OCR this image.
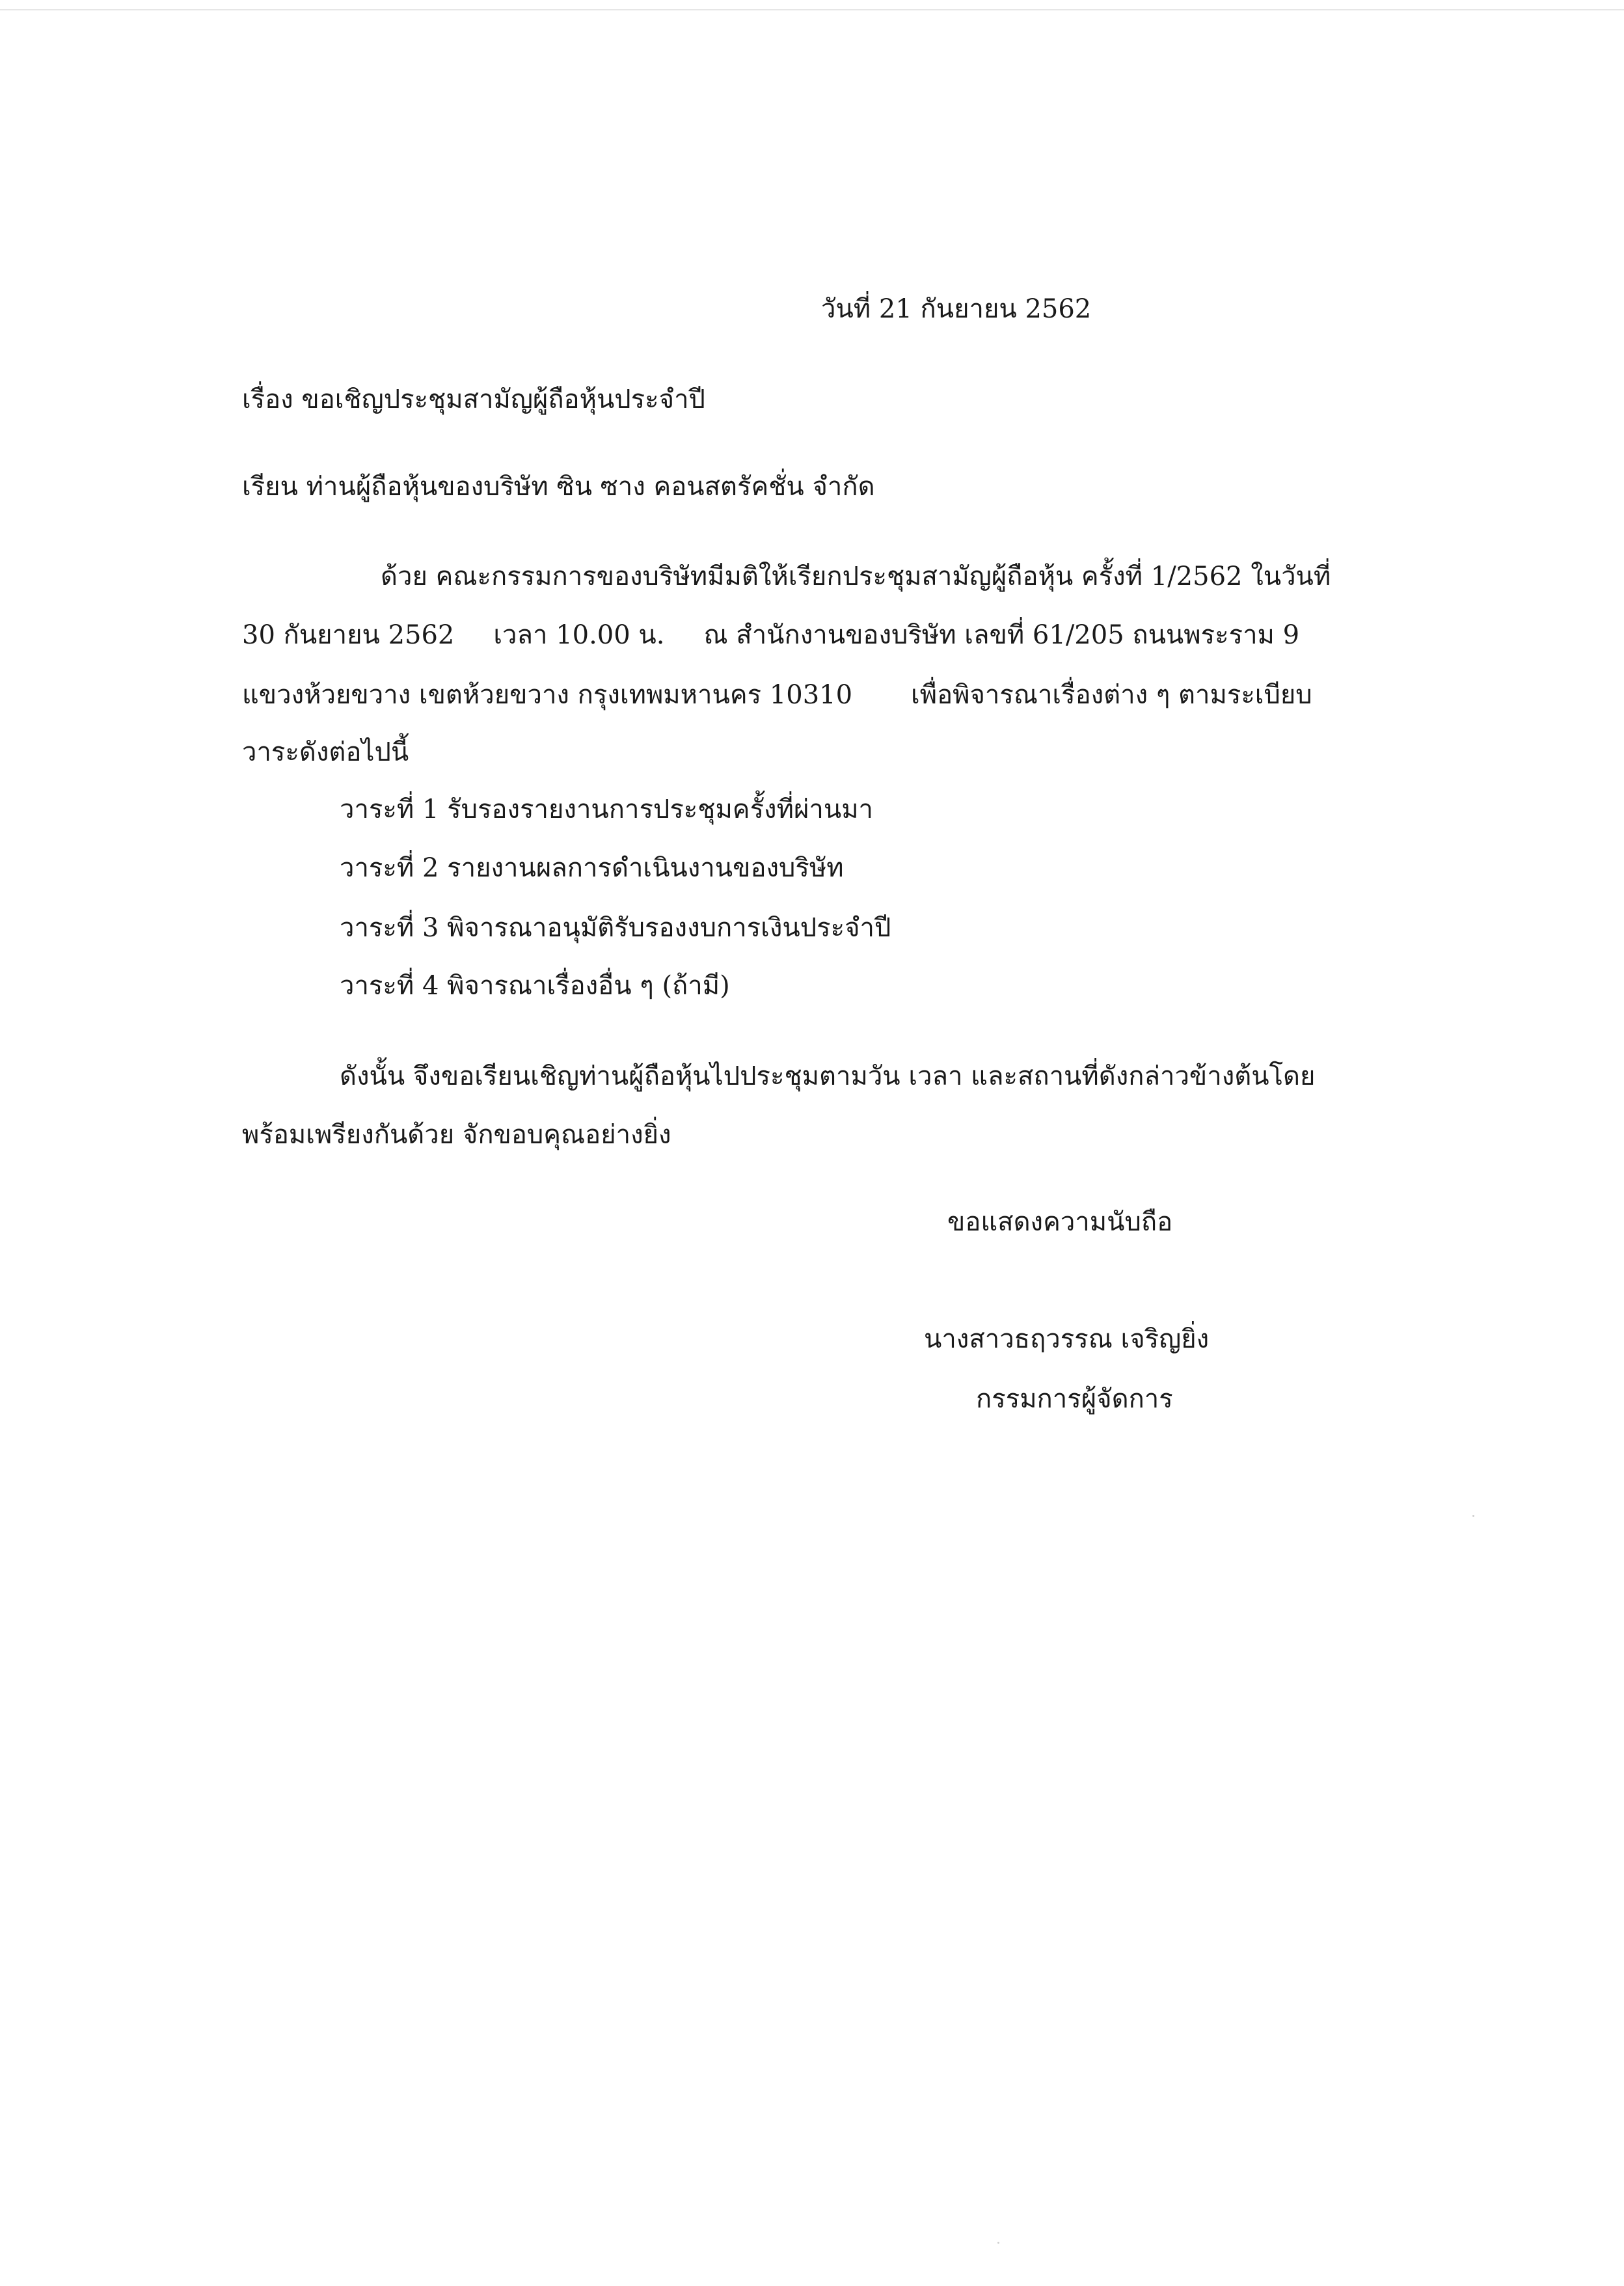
วันที่ 21 กันยายน 2562
เรื่อง ขอเชิญประชุมสามัญผู้ถือหุ้นประจำปี
เรียน ท่านผู้ถือหุ้นของบริษัท ซิน ซาง คอนสตรัคชั่น จำกัด
ด้วย คณะกรรมการของบริษัทมีมติให้เรียกประชุมสามัญผู้ถือหุ้น ครั้งที่ 1/2562 ในวันที่
30 กันยายน 2562 เวลา 10.00 น. ณ สำนักงานของบริษัท เลขที่ 61/205 ถนนพระราม 9
แขวงห้วยขวาง เขตห้วยขวาง กรุงเทพมหานคร 10310 เพื่อพิจารณาเรื่องต่าง ๆ ตามระเบียบ
วาระดังต่อไปนี้
วาระที่ 1 รับรองรายงานการประชุมครั้งที่ผ่านมา
วาระที่ 2 รายงานผลการดำเนินงานของบริษัท
วาระที่ 3 พิจารณาอนุมัติรับรองงบการเงินประจำปี
วาระที่ 4 พิจารณาเรื่องอื่น ๆ (ถ้ามี)
ดังนั้น จึงขอเรียนเชิญท่านผู้ถือหุ้นไปประชุมตามวัน เวลา และสถานที่ดังกล่าวข้างต้นโดย
พร้อมเพรียงกันด้วย จักขอบคุณอย่างยิ่ง
ขอแสดงความนับถือ
นางสาวธฤวรรณ เจริญยิ่ง
กรรมการผู้จัดการ
